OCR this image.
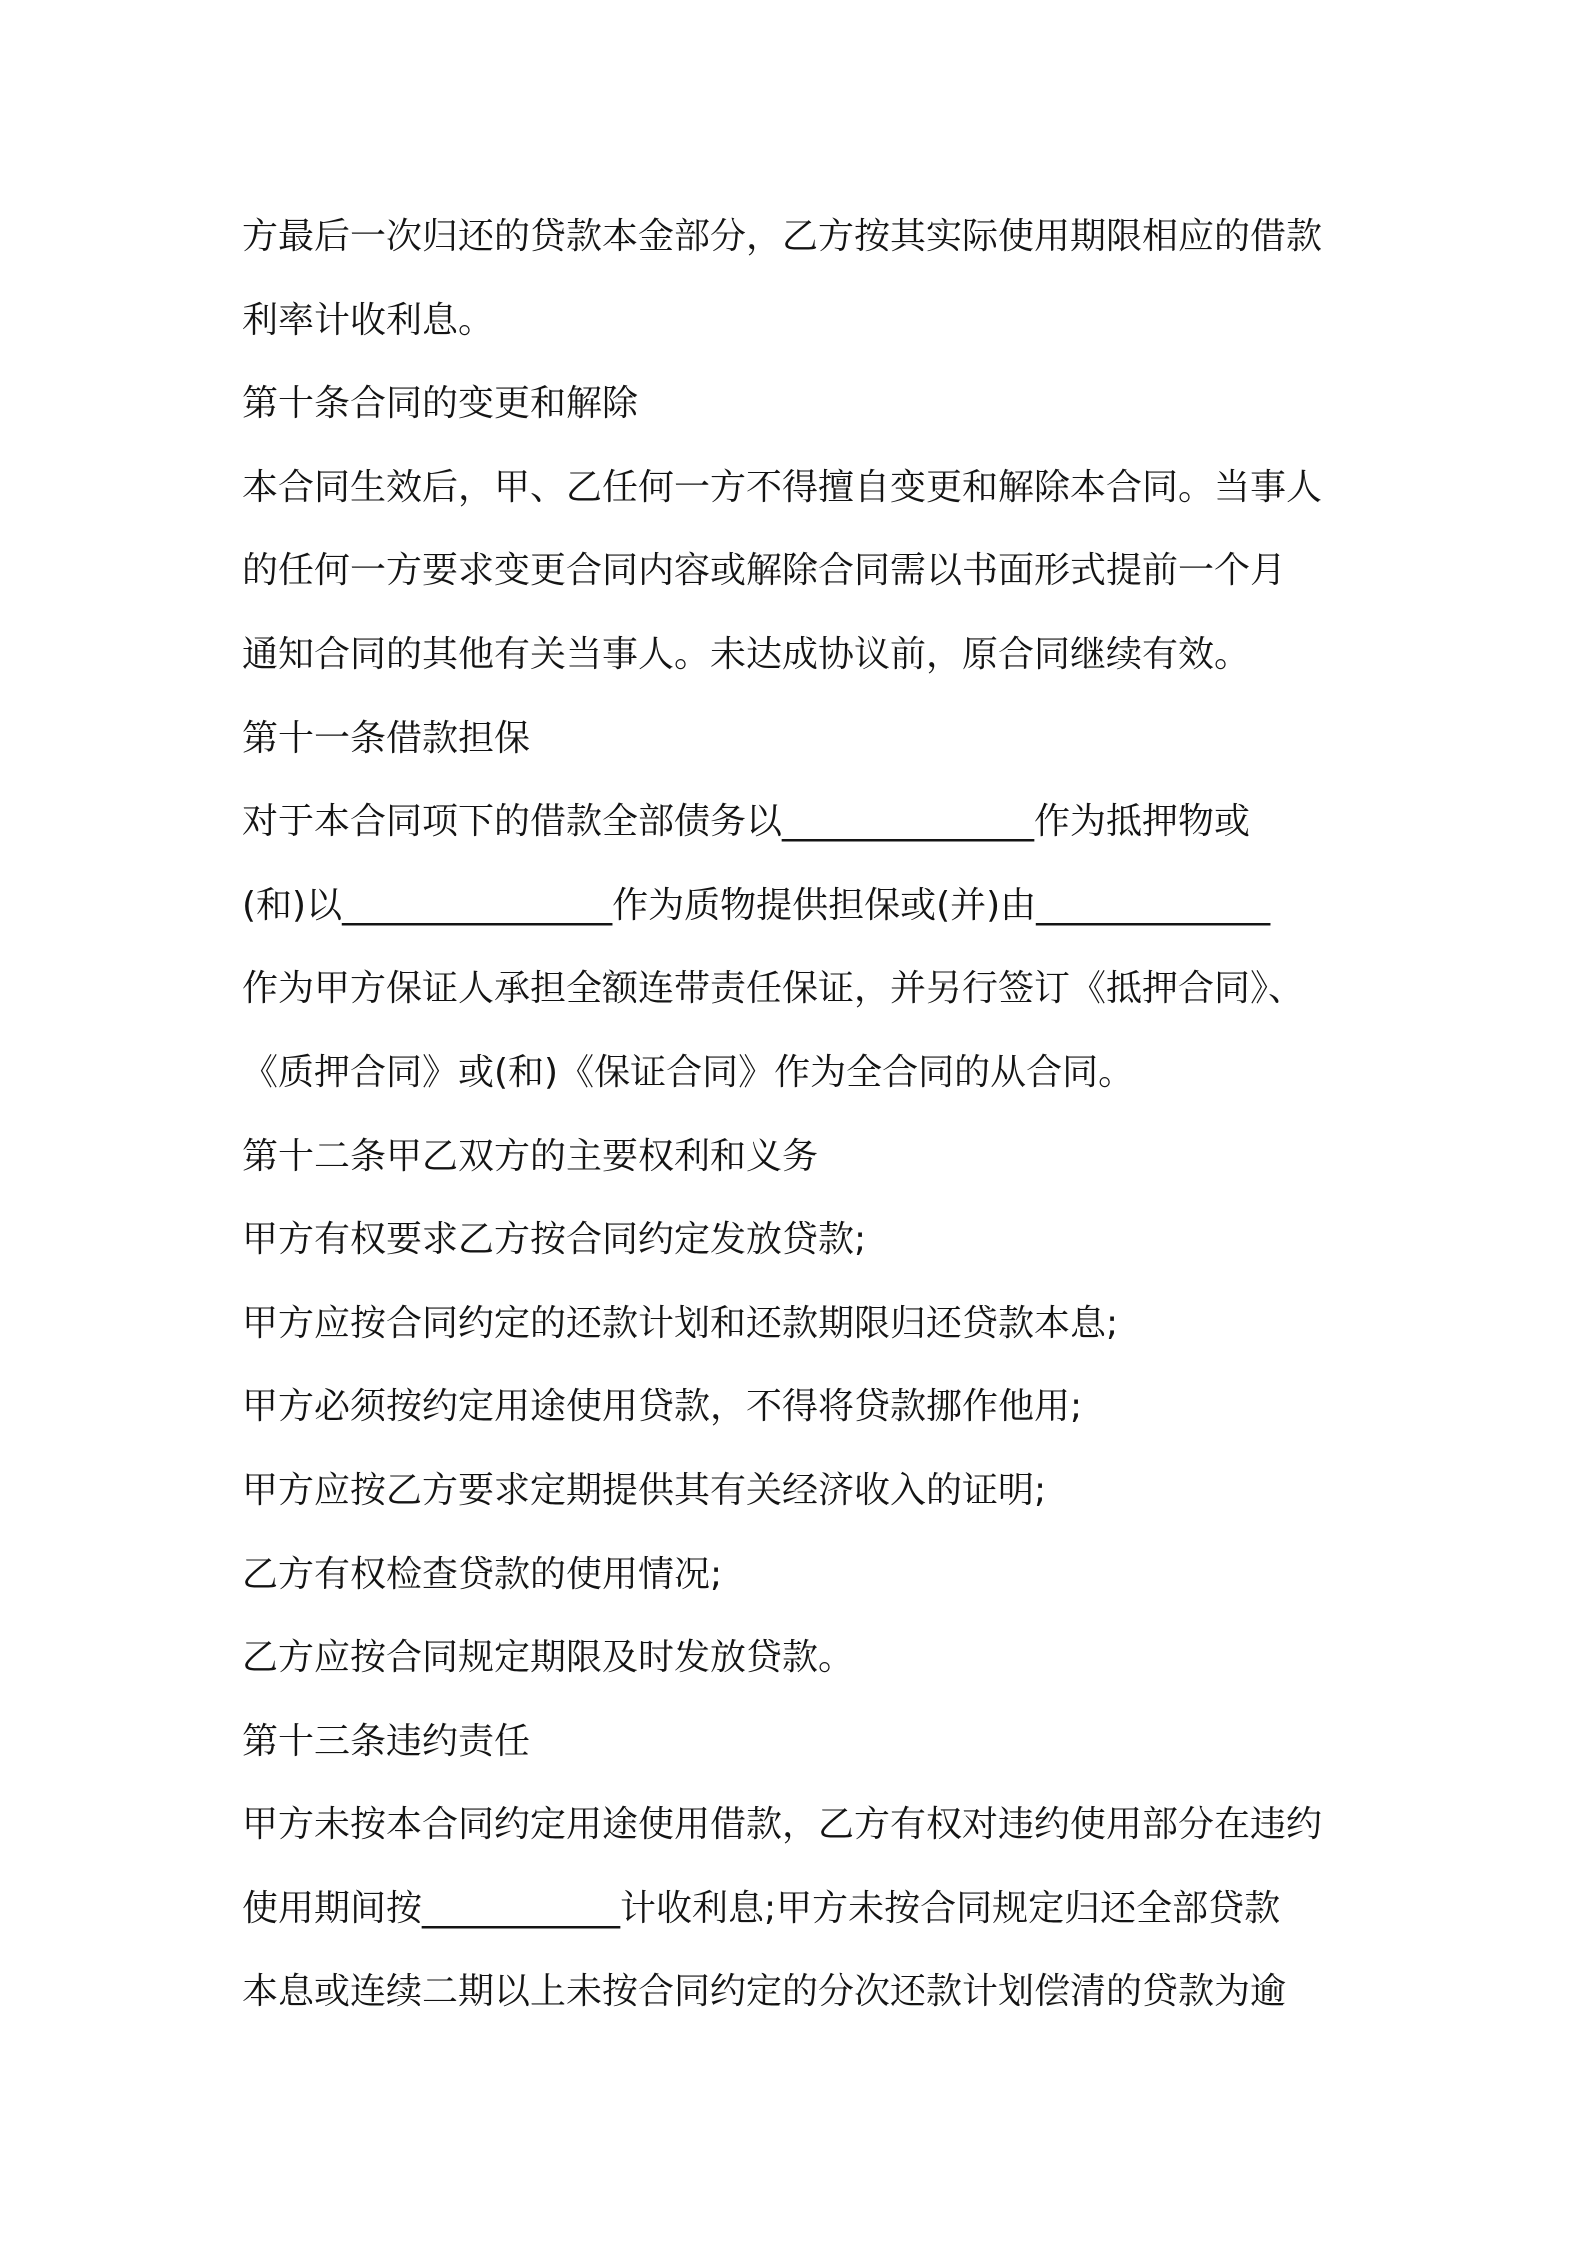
方最后一次归还的贷款本金部分，乙方按其实际使用期限相应的借款
利率计收利息。
第十条合同的变更和解除
本合同生效后，甲、乙任何一方不得擅自变更和解除本合同。当事人
的任何一方要求变更合同内容或解除合同需以书面形式提前一个月
通知合同的其他有关当事人。未达成协议前，原合同继续有效。
第十一条借款担保
对于本合同项下的借款全部债务以______________作为抵押物或
(和)以_______________作为质物提供担保或(并)由_____________
作为甲方保证人承担全额连带责任保证，并另行签订《抵押合同》、
《质押合同》或(和)《保证合同》作为全合同的从合同。
第十二条甲乙双方的主要权利和义务
甲方有权要求乙方按合同约定发放贷款;
甲方应按合同约定的还款计划和还款期限归还贷款本息;
甲方必须按约定用途使用贷款，不得将贷款挪作他用;
甲方应按乙方要求定期提供其有关经济收入的证明;
乙方有权检查贷款的使用情况;
乙方应按合同规定期限及时发放贷款。
第十三条违约责任
甲方未按本合同约定用途使用借款，乙方有权对违约使用部分在违约
使用期间按___________计收利息;甲方未按合同规定归还全部贷款
本息或连续二期以上未按合同约定的分次还款计划偿清的贷款为逾
